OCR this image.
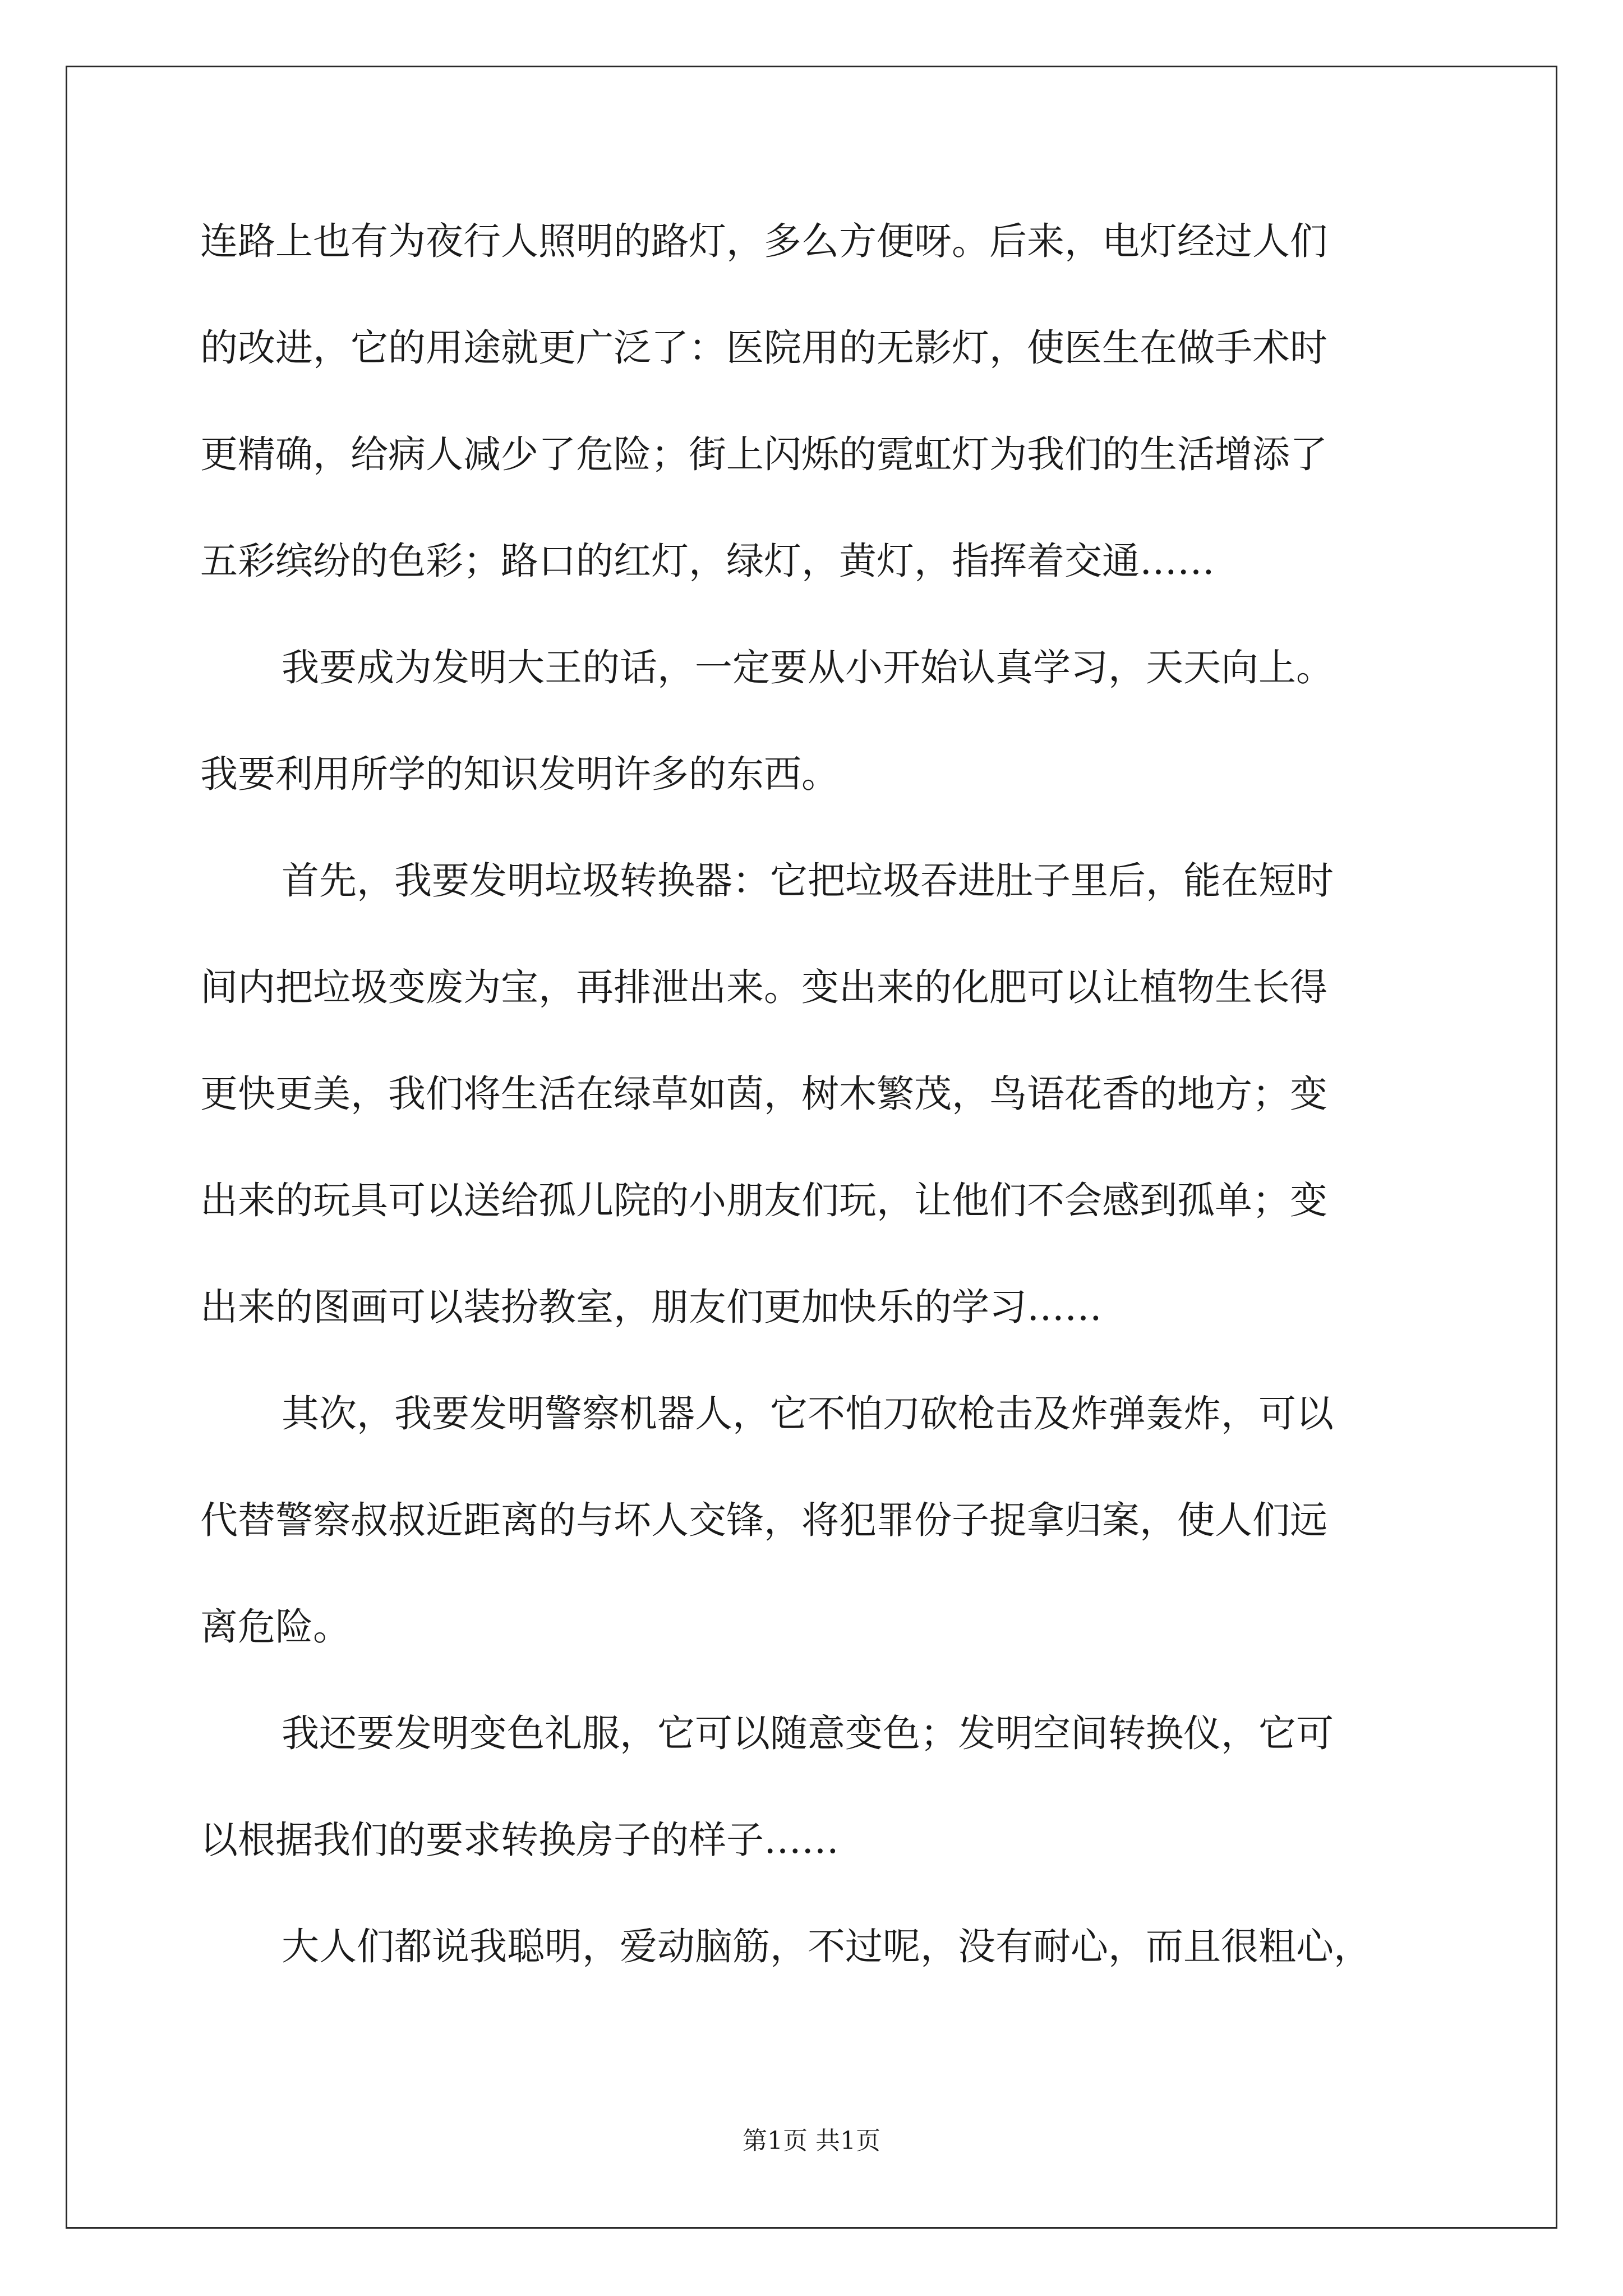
连路上也有为夜行人照明的路灯，多么方便呀。后来，电灯经过人们
的改进，它的用途就更广泛了：医院用的无影灯，使医生在做手术时
更精确，给病人减少了危险；街上闪烁的霓虹灯为我们的生活增添了
五彩缤纷的色彩；路口的红灯，绿灯，黄灯，指挥着交通……
我要成为发明大王的话，一定要从小开始认真学习，天天向上。
我要利用所学的知识发明许多的东西。
首先，我要发明垃圾转换器：它把垃圾吞进肚子里后，能在短时
间内把垃圾变废为宝，再排泄出来。变出来的化肥可以让植物生长得
更快更美，我们将生活在绿草如茵，树木繁茂，鸟语花香的地方；变
出来的玩具可以送给孤儿院的小朋友们玩，让他们不会感到孤单；变
出来的图画可以装扮教室，朋友们更加快乐的学习……
其次，我要发明警察机器人，它不怕刀砍枪击及炸弹轰炸，可以
代替警察叔叔近距离的与坏人交锋，将犯罪份子捉拿归案，使人们远
离危险。
我还要发明变色礼服，它可以随意变色；发明空间转换仪，它可
以根据我们的要求转换房子的样子……
大人们都说我聪明，爱动脑筋，不过呢，没有耐心，而且很粗心，
第1页 共1页
